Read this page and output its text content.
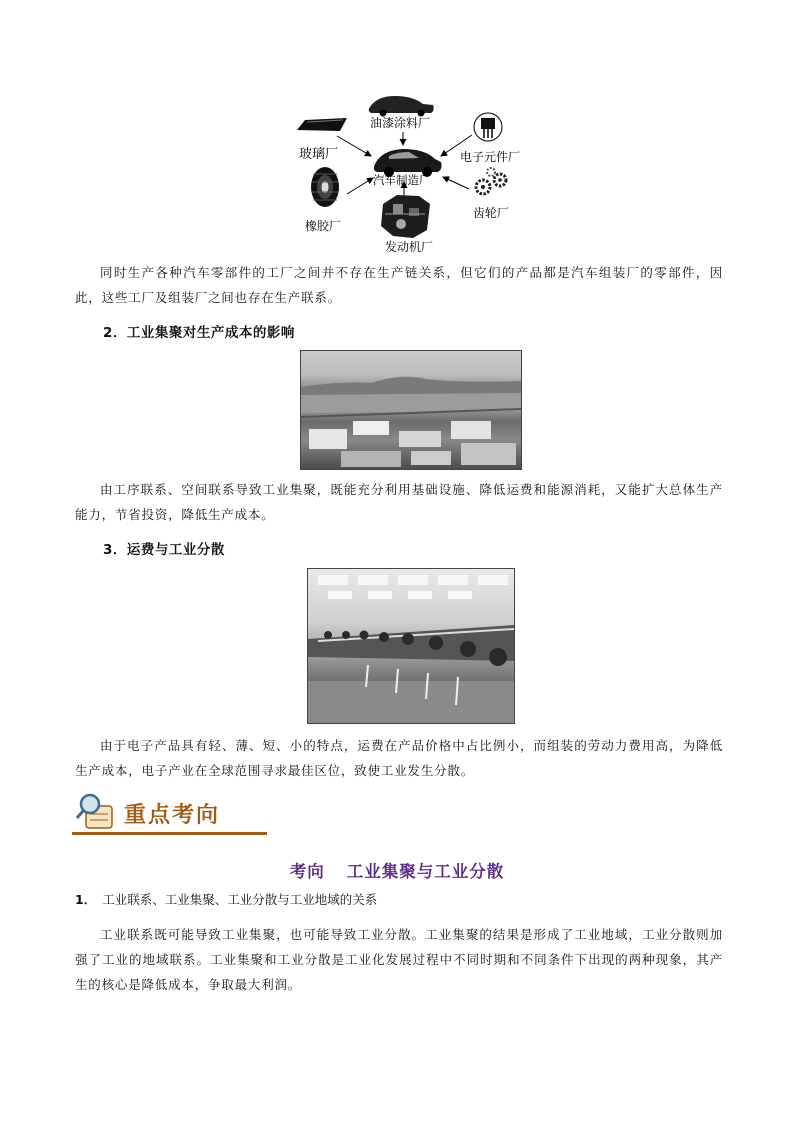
油漆涂料厂
玻璃厂	电子元件厂
汽车制造厂
橡胶厂
齿轮厂
发动机厂
同时生产各种汽车零部件的工厂之间并不存在生产链关系，但它们的产品都是汽车组装厂的零部件，因此，这些工厂及组装厂之间也存在生产联系。
2．工业集聚对生产成本的影响
由工序联系、空间联系导致工业集聚，既能充分利用基础设施、降低运费和能源消耗，又能扩大总体生产能力，节省投资，降低生产成本。
3．运费与工业分散
由于电子产品具有轻、薄、短、小的特点，运费在产品价格中占比例小，而组装的劳动力费用高，为降低生产成本，电子产业在全球范围寻求最佳区位，致使工业发生分散。
重点考向
考向 工业集聚与工业分散
1． 工业联系、工业集聚、工业分散与工业地域的关系
工业联系既可能导致工业集聚，也可能导致工业分散。工业集聚的结果是形成了工业地域，工业分散则加强了工业的地域联系。工业集聚和工业分散是工业化发展过程中不同时期和不同条件下出现的两种现象，其产生的核心是降低成本，争取最大利润。
